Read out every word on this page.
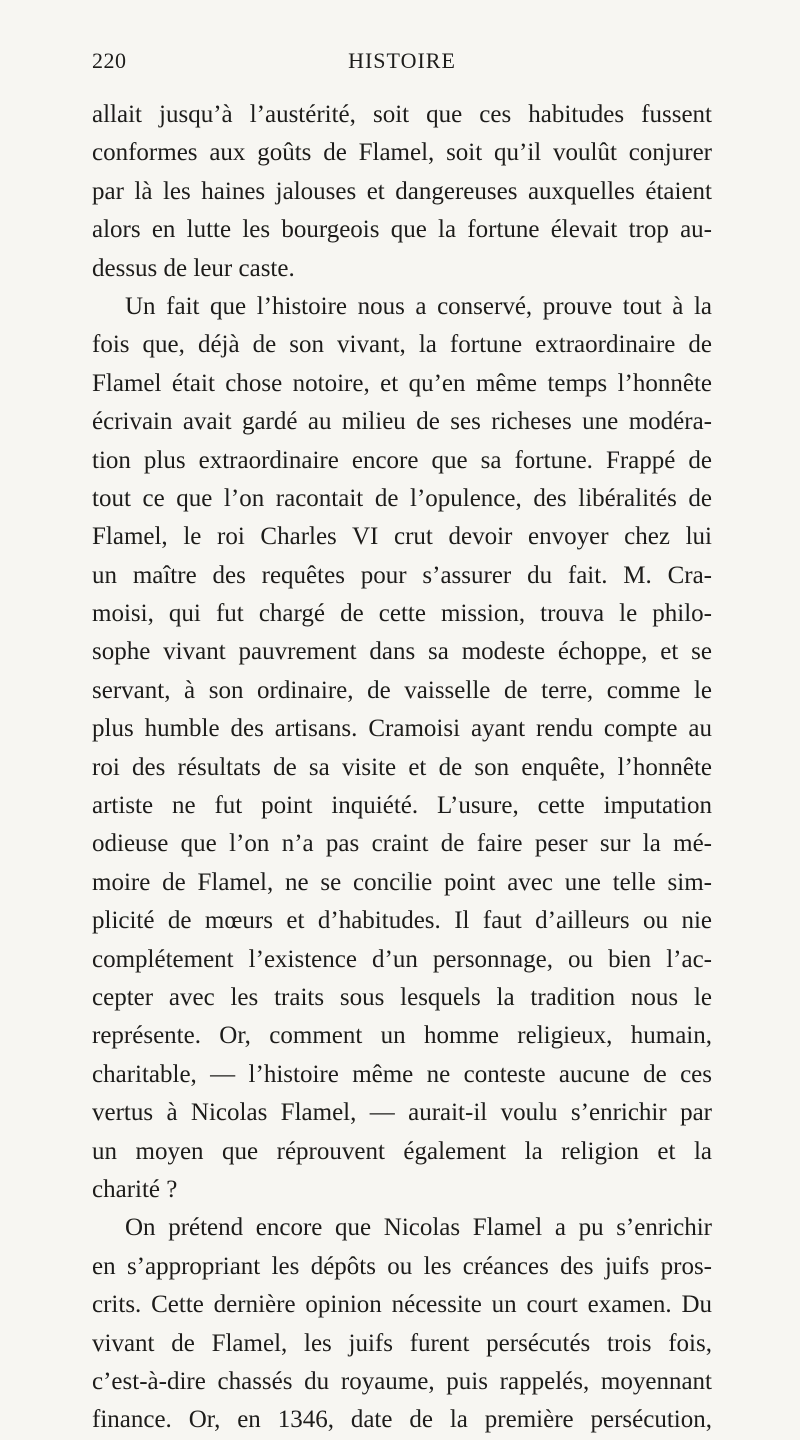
220	HISTOIRE
allait jusqu’à l’austérité, soit que ces habitudes fussent
conformes aux goûts de Flamel, soit qu’il voulût conjurer
par là les haines jalouses et dangereuses auxquelles étaient
alors en lutte les bourgeois que la fortune élevait trop au-
dessus de leur caste.
Un fait que l’histoire nous a conservé, prouve tout à la
fois que, déjà de son vivant, la fortune extraordinaire de
Flamel était chose notoire, et qu’en même temps l’honnête
écrivain avait gardé au milieu de ses richeses une modéra-
tion plus extraordinaire encore que sa fortune. Frappé de
tout ce que l’on racontait de l’opulence, des libéralités de
Flamel, le roi Charles VI crut devoir envoyer chez lui
un maître des requêtes pour s’assurer du fait. M. Cra-
moisi, qui fut chargé de cette mission, trouva le philo-
sophe vivant pauvrement dans sa modeste échoppe, et se
servant, à son ordinaire, de vaisselle de terre, comme le
plus humble des artisans. Cramoisi ayant rendu compte au
roi des résultats de sa visite et de son enquête, l’honnête
artiste ne fut point inquiété. L’usure, cette imputation
odieuse que l’on n’a pas craint de faire peser sur la mé-
moire de Flamel, ne se concilie point avec une telle sim-
plicité de mœurs et d’habitudes. Il faut d’ailleurs ou nie
complétement l’existence d’un personnage, ou bien l’ac-
cepter avec les traits sous lesquels la tradition nous le
représente. Or, comment un homme religieux, humain,
charitable, — l’histoire même ne conteste aucune de ces
vertus à Nicolas Flamel, — aurait-il voulu s’enrichir par
un moyen que réprouvent également la religion et la
charité ?
On prétend encore que Nicolas Flamel a pu s’enrichir
en s’appropriant les dépôts ou les créances des juifs pros-
crits. Cette dernière opinion nécessite un court examen. Du
vivant de Flamel, les juifs furent persécutés trois fois,
c’est-à-dire chassés du royaume, puis rappelés, moyennant
finance. Or, en 1346, date de la première persécution,
